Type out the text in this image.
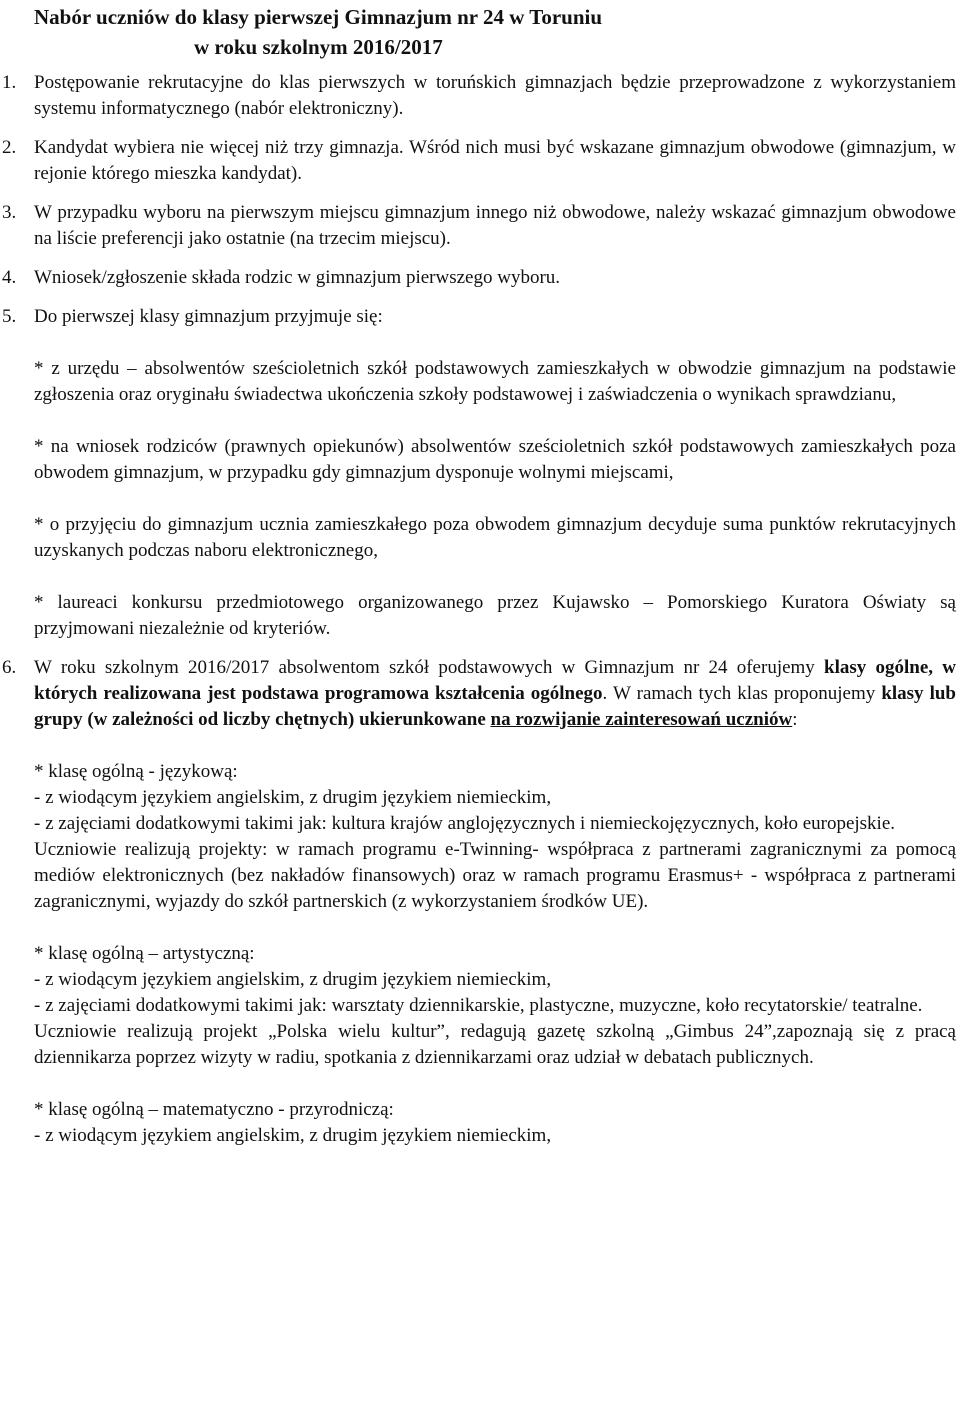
Nabór uczniów do klasy pierwszej Gimnazjum nr 24 w Toruniu
w roku szkolnym 2016/2017
1. Postępowanie rekrutacyjne do klas pierwszych w toruńskich gimnazjach będzie przeprowadzone z wykorzystaniem systemu informatycznego (nabór elektroniczny).
2. Kandydat wybiera nie więcej niż trzy gimnazja. Wśród nich musi być wskazane gimnazjum obwodowe (gimnazjum, w rejonie którego mieszka kandydat).
3. W przypadku wyboru na pierwszym miejscu gimnazjum innego niż obwodowe, należy wskazać gimnazjum obwodowe na liście preferencji jako ostatnie (na trzecim miejscu).
4. Wniosek/zgłoszenie składa rodzic w gimnazjum pierwszego wyboru.
5. Do pierwszej klasy gimnazjum przyjmuje się:
* z urzędu – absolwentów sześcioletnich szkół podstawowych zamieszkałych w obwodzie gimnazjum na podstawie zgłoszenia oraz oryginału świadectwa ukończenia szkoły podstawowej i zaświadczenia o wynikach sprawdzianu,
* na wniosek rodziców (prawnych opiekunów) absolwentów sześcioletnich szkół podstawowych zamieszkałych poza obwodem gimnazjum, w przypadku gdy gimnazjum dysponuje wolnymi miejscami,
* o przyjęciu do gimnazjum ucznia zamieszkałego poza obwodem gimnazjum decyduje suma punktów rekrutacyjnych uzyskanych podczas naboru elektronicznego,
* laureaci konkursu przedmiotowego organizowanego przez Kujawsko – Pomorskiego Kuratora Oświaty są przyjmowani niezależnie od kryteriów.
6. W roku szkolnym 2016/2017 absolwentom szkół podstawowych w Gimnazjum nr 24 oferujemy klasy ogólne, w których realizowana jest podstawa programowa kształcenia ogólnego. W ramach tych klas proponujemy klasy lub grupy (w zależności od liczby chętnych) ukierunkowane na rozwijanie zainteresowań uczniów:
* klasę ogólną - językową:
- z wiodącym językiem angielskim, z drugim językiem niemieckim,
- z zajęciami dodatkowymi takimi jak: kultura krajów anglojęzycznych i niemieckojęzycznych, koło europejskie.
Uczniowie realizują projekty: w ramach programu e-Twinning- współpraca z partnerami zagranicznymi za pomocą mediów elektronicznych (bez nakładów finansowych) oraz w ramach programu Erasmus+ - współpraca z partnerami zagranicznymi, wyjazdy do szkół partnerskich (z wykorzystaniem środków UE).
* klasę ogólną – artystyczną:
- z wiodącym językiem angielskim, z drugim językiem niemieckim,
- z zajęciami dodatkowymi takimi jak: warsztaty dziennikarskie, plastyczne, muzyczne, koło recytatorskie/ teatralne.
Uczniowie realizują projekt „Polska wielu kultur”, redagują gazetę szkolną „Gimbus 24”,zapoznają się z pracą dziennikarza poprzez wizyty w radiu, spotkania z dziennikarzami oraz udział w debatach publicznych.
* klasę ogólną – matematyczno - przyrodniczą:
- z wiodącym językiem angielskim, z drugim językiem niemieckim,
